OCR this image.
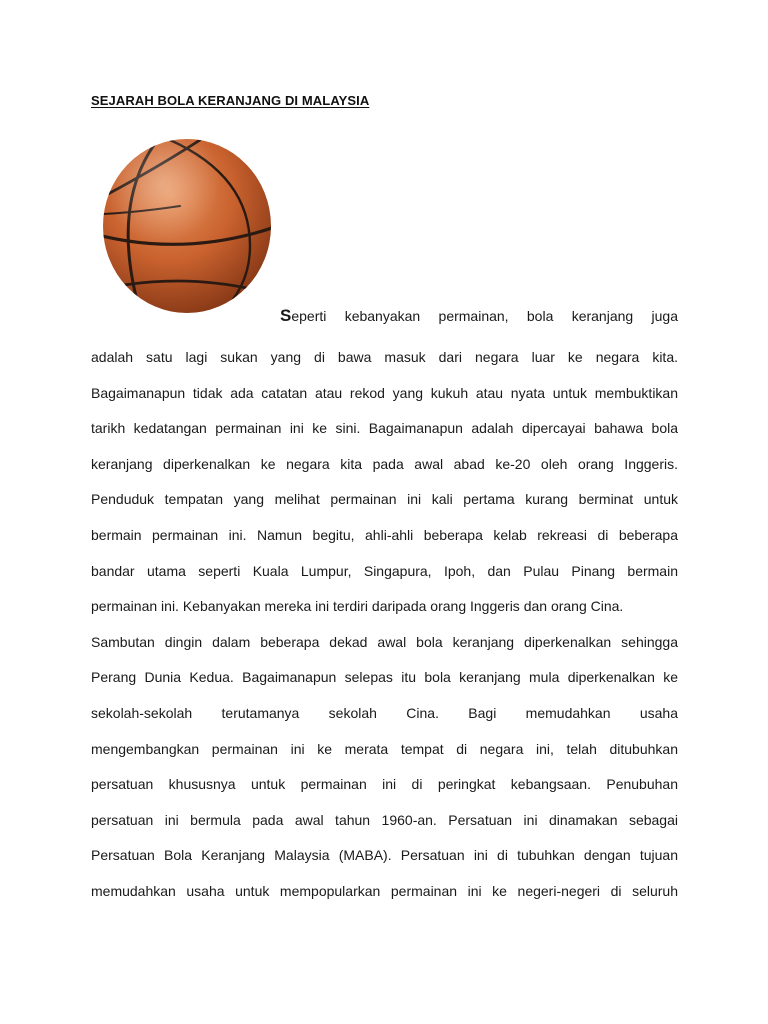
SEJARAH BOLA KERANJANG DI MALAYSIA
Seperti kebanyakan permainan, bola keranjang juga
adalah satu lagi sukan yang di bawa masuk dari negara luar ke negara kita.
Bagaimanapun tidak ada catatan atau rekod yang kukuh atau nyata untuk membuktikan
tarikh kedatangan permainan ini ke sini. Bagaimanapun adalah dipercayai bahawa bola
keranjang diperkenalkan ke negara kita pada awal abad ke-20 oleh orang Inggeris.
Penduduk tempatan yang melihat permainan ini kali pertama kurang berminat untuk
bermain permainan ini. Namun begitu, ahli-ahli beberapa kelab rekreasi di beberapa
bandar utama seperti Kuala Lumpur, Singapura, Ipoh, dan Pulau Pinang bermain
permainan ini. Kebanyakan mereka ini terdiri daripada orang Inggeris dan orang Cina.
Sambutan dingin dalam beberapa dekad awal bola keranjang diperkenalkan sehingga
Perang Dunia Kedua. Bagaimanapun selepas itu bola keranjang mula diperkenalkan ke
sekolah-sekolah terutamanya sekolah Cina. Bagi memudahkan usaha
mengembangkan permainan ini ke merata tempat di negara ini, telah ditubuhkan
persatuan khususnya untuk permainan ini di peringkat kebangsaan. Penubuhan
persatuan ini bermula pada awal tahun 1960-an. Persatuan ini dinamakan sebagai
Persatuan Bola Keranjang Malaysia (MABA). Persatuan ini di tubuhkan dengan tujuan
memudahkan usaha untuk mempopularkan permainan ini ke negeri-negeri di seluruh
